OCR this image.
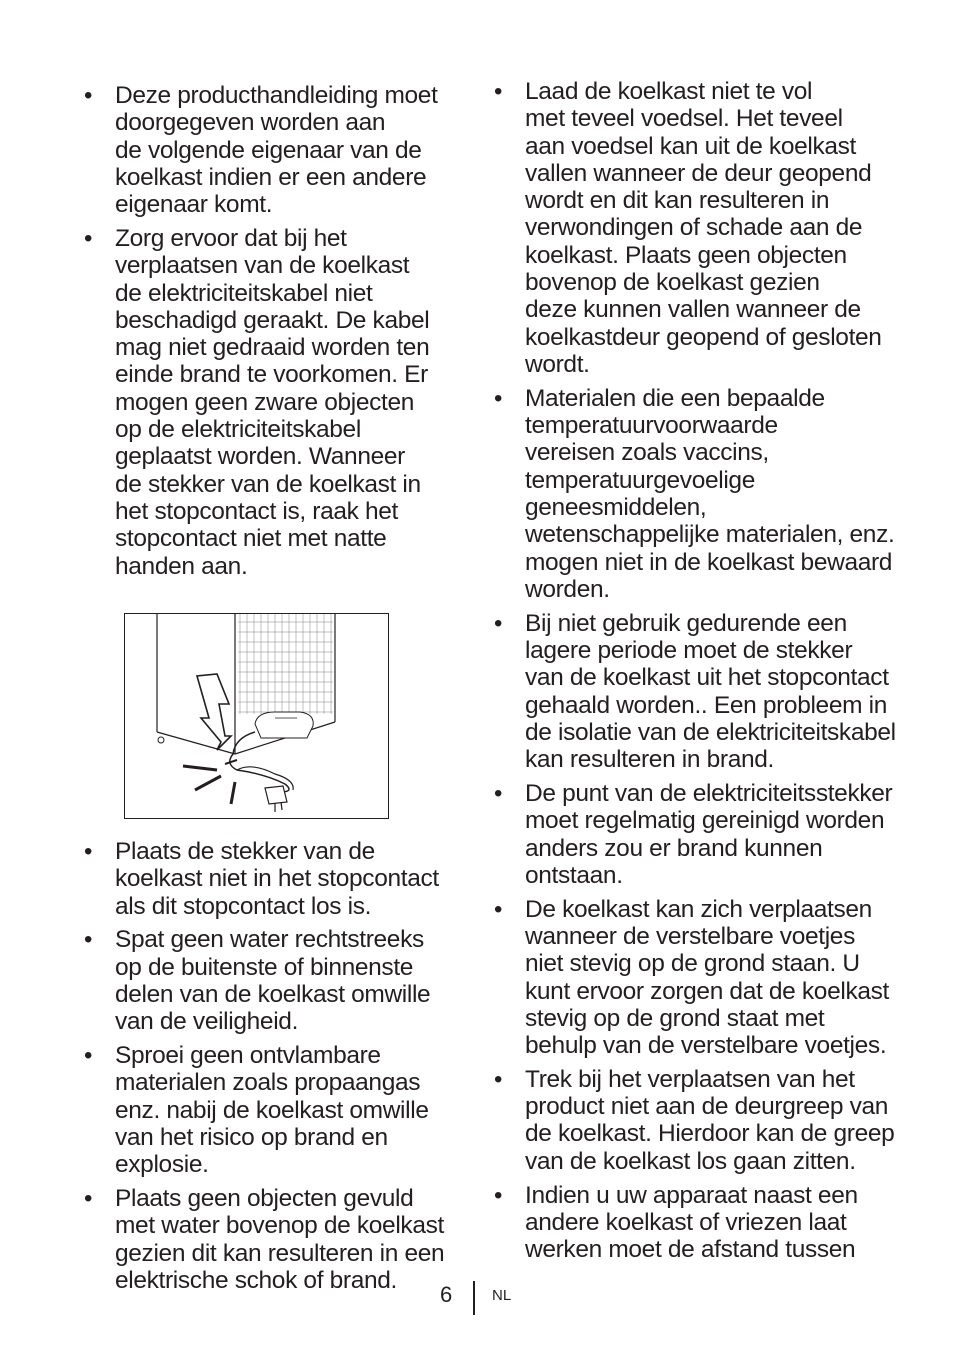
• Deze producthandleiding moet
doorgegeven worden aan
de volgende eigenaar van de
koelkast indien er een andere
eigenaar komt.
• Zorg ervoor dat bij het
verplaatsen van de koelkast
de elektriciteitskabel niet
beschadigd geraakt. De kabel
mag niet gedraaid worden ten
einde brand te voorkomen. Er
mogen geen zware objecten
op de elektriciteitskabel
geplaatst worden. Wanneer
de stekker van de koelkast in
het stopcontact is, raak het
stopcontact niet met natte
handen aan.
• Plaats de stekker van de
koelkast niet in het stopcontact
als dit stopcontact los is.
• Spat geen water rechtstreeks
op de buitenste of binnenste
delen van de koelkast omwille
van de veiligheid.
• Sproei geen ontvlambare
materialen zoals propaangas
enz. nabij de koelkast omwille
van het risico op brand en
explosie.
• Plaats geen objecten gevuld
met water bovenop de koelkast
gezien dit kan resulteren in een
elektrische schok of brand.
• Laad de koelkast niet te vol
met teveel voedsel. Het teveel
aan voedsel kan uit de koelkast
vallen wanneer de deur geopend
wordt en dit kan resulteren in
verwondingen of schade aan de
koelkast. Plaats geen objecten
bovenop de koelkast gezien
deze kunnen vallen wanneer de
koelkastdeur geopend of gesloten
wordt.
• Materialen die een bepaalde
temperatuurvoorwaarde
vereisen zoals vaccins,
temperatuurgevoelige
geneesmiddelen,
wetenschappelijke materialen, enz.
mogen niet in de koelkast bewaard
worden.
• Bij niet gebruik gedurende een
lagere periode moet de stekker
van de koelkast uit het stopcontact
gehaald worden.. Een probleem in
de isolatie van de elektriciteitskabel
kan resulteren in brand.
• De punt van de elektriciteitsstekker
moet regelmatig gereinigd worden
anders zou er brand kunnen
ontstaan.
• De koelkast kan zich verplaatsen
wanneer de verstelbare voetjes
niet stevig op de grond staan. U
kunt ervoor zorgen dat de koelkast
stevig op de grond staat met
behulp van de verstelbare voetjes.
• Trek bij het verplaatsen van het
product niet aan de deurgreep van
de koelkast. Hierdoor kan de greep
van de koelkast los gaan zitten.
• Indien u uw apparaat naast een
andere koelkast of vriezen laat
werken moet de afstand tussen
6	NL
